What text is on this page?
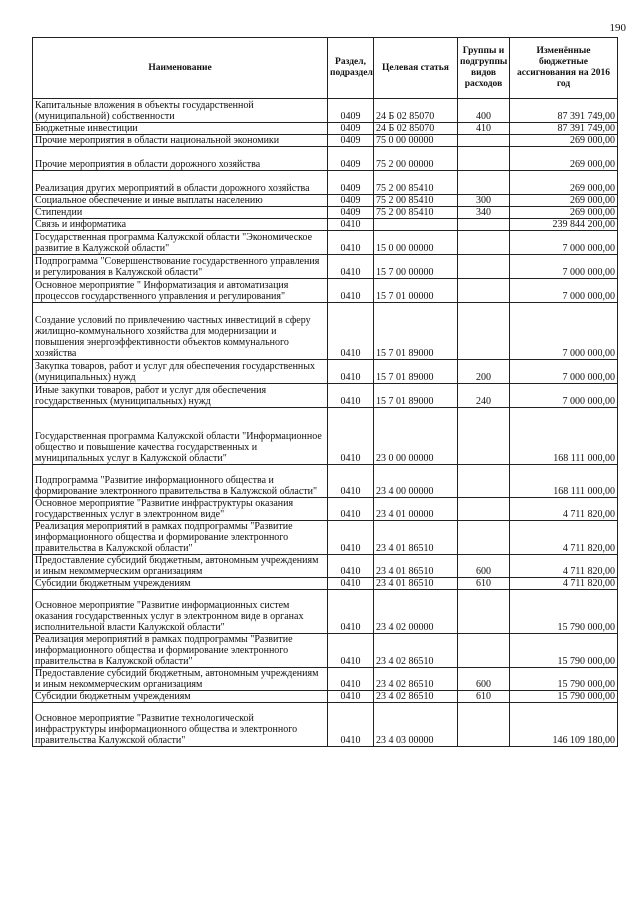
190
Наименование	Раздел, подраздел	Целевая статья	Группы и подгруппы видов расходов	Изменённые бюджетные ассигнования на 2016 год
Капитальные вложения в объекты государственной (муниципальной) собственности	0409	24 Б 02 85070	400	87 391 749,00
Бюджетные инвестиции	0409	24 Б 02 85070	410	87 391 749,00
Прочие мероприятия в области национальной экономики	0409	75 0 00 00000		269 000,00
Прочие мероприятия в области дорожного хозяйства	0409	75 2 00 00000		269 000,00
Реализация других мероприятий в области дорожного хозяйства	0409	75 2 00 85410		269 000,00
Социальное обеспечение и иные выплаты населению	0409	75 2 00 85410	300	269 000,00
Стипендии	0409	75 2 00 85410	340	269 000,00
Связь и информатика	0410			239 844 200,00
Государственная программа Калужской области "Экономическое развитие в Калужской области"	0410	15 0 00 00000		7 000 000,00
Подпрограмма "Совершенствование государственного управления и регулирования в Калужской области"	0410	15 7 00 00000		7 000 000,00
Основное мероприятие " Информатизация и автоматизация процессов государственного управления и регулирования"	0410	15 7 01 00000		7 000 000,00
Создание условий по привлечению частных инвестиций в сферу жилищно-коммунального хозяйства для модернизации и повышения энергоэффективности объектов коммунального хозяйства	0410	15 7 01 89000		7 000 000,00
Закупка товаров, работ и услуг для обеспечения государственных (муниципальных) нужд	0410	15 7 01 89000	200	7 000 000,00
Иные закупки товаров, работ и услуг для обеспечения государственных (муниципальных) нужд	0410	15 7 01 89000	240	7 000 000,00
Государственная программа Калужской области "Информационное общество и повышение качества государственных и муниципальных услуг в Калужской области"	0410	23 0 00 00000		168 111 000,00
Подпрограмма "Развитие информационного общества и формирование электронного правительства в Калужской области"	0410	23 4 00 00000		168 111 000,00
Основное мероприятие "Развитие инфраструктуры оказания государственных услуг в электронном виде"	0410	23 4 01 00000		4 711 820,00
Реализация мероприятий в рамках подпрограммы "Развитие информационного общества и формирование электронного правительства в Калужской области"	0410	23 4 01 86510		4 711 820,00
Предоставление субсидий бюджетным, автономным учреждениям и иным некоммерческим организациям	0410	23 4 01 86510	600	4 711 820,00
Субсидии бюджетным учреждениям	0410	23 4 01 86510	610	4 711 820,00
Основное мероприятие "Развитие информационных систем оказания государственных услуг в электронном виде в органах исполнительной власти Калужской области"	0410	23 4 02 00000		15 790 000,00
Реализация мероприятий в рамках подпрограммы "Развитие информационного общества и формирование электронного правительства в Калужской области"	0410	23 4 02 86510		15 790 000,00
Предоставление субсидий бюджетным, автономным учреждениям и иным некоммерческим организациям	0410	23 4 02 86510	600	15 790 000,00
Субсидии бюджетным учреждениям	0410	23 4 02 86510	610	15 790 000,00
Основное мероприятие "Развитие технологической инфраструктуры информационного общества и электронного правительства Калужской области"	0410	23 4 03 00000		146 109 180,00
